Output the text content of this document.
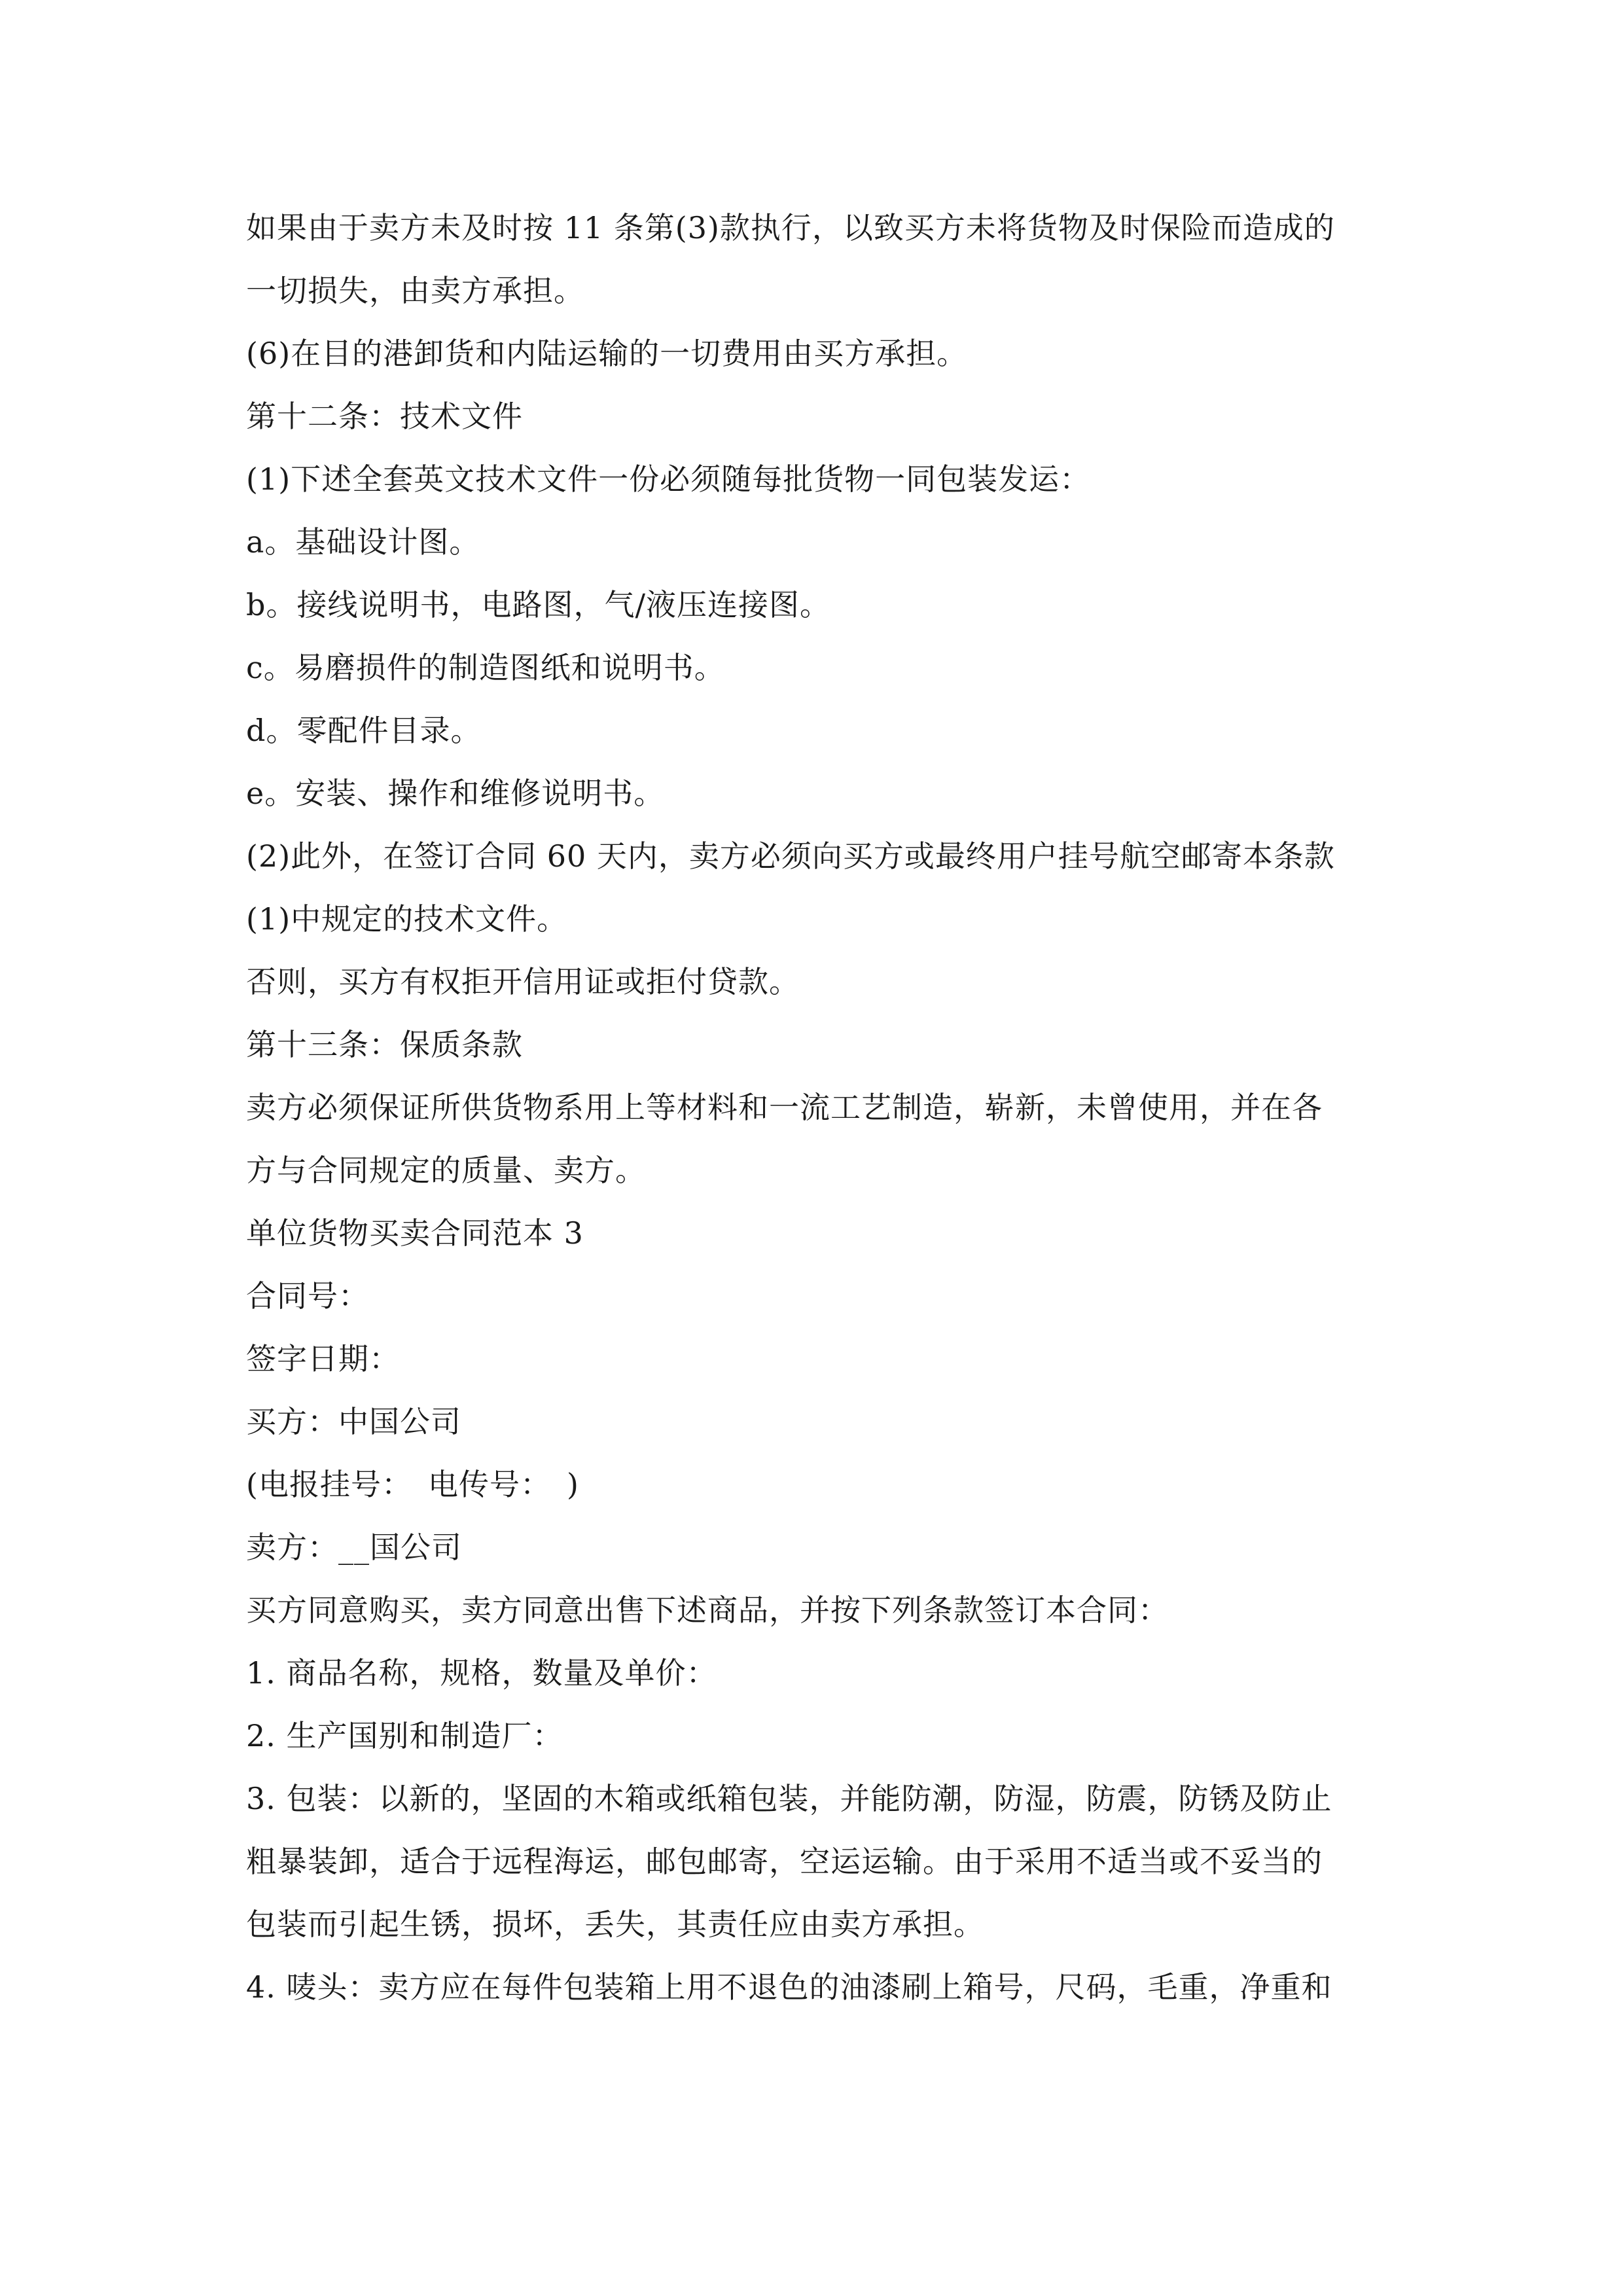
如果由于卖方未及时按 11 条第(3)款执行，以致买方未将货物及时保险而造成的
一切损失，由卖方承担。
(6)在目的港卸货和内陆运输的一切费用由买方承担。
第十二条：技术文件
(1)下述全套英文技术文件一份必须随每批货物一同包装发运：
a。基础设计图。
b。接线说明书，电路图，气/液压连接图。
c。易磨损件的制造图纸和说明书。
d。零配件目录。
e。安装、操作和维修说明书。
(2)此外，在签订合同 60 天内，卖方必须向买方或最终用户挂号航空邮寄本条款
(1)中规定的技术文件。
否则，买方有权拒开信用证或拒付贷款。
第十三条：保质条款
卖方必须保证所供货物系用上等材料和一流工艺制造，崭新，未曾使用，并在各
方与合同规定的质量、卖方。
单位货物买卖合同范本 3
合同号：
签字日期：
买方：中国公司
(电报挂号：　电传号：　)
卖方：__国公司
买方同意购买，卖方同意出售下述商品，并按下列条款签订本合同：
1. 商品名称，规格，数量及单价：
2. 生产国别和制造厂：
3. 包装：以新的，坚固的木箱或纸箱包装，并能防潮，防湿，防震，防锈及防止
粗暴装卸，适合于远程海运，邮包邮寄，空运运输。由于采用不适当或不妥当的
包装而引起生锈，损坏，丢失，其责任应由卖方承担。
4. 唛头：卖方应在每件包装箱上用不退色的油漆刷上箱号，尺码，毛重，净重和
